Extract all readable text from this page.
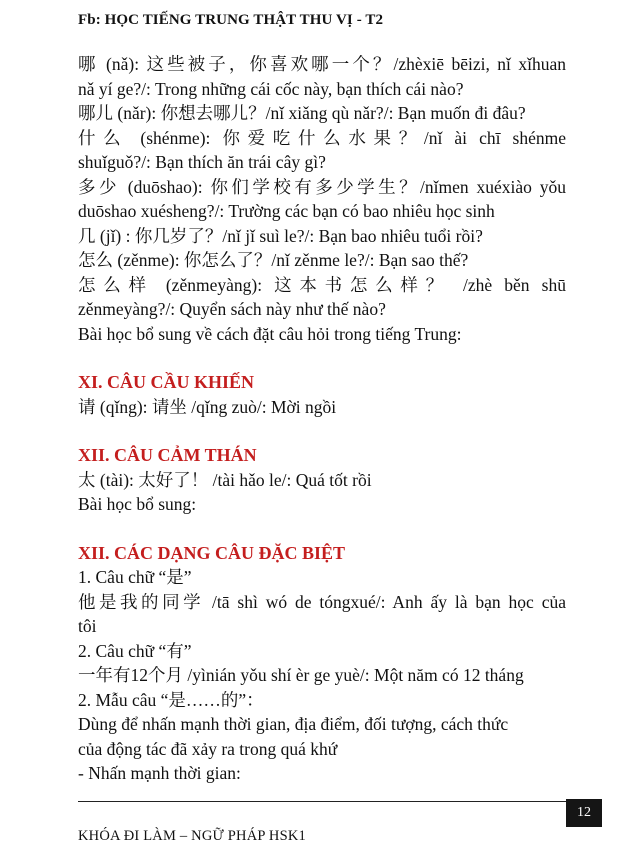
Fb: HỌC TIẾNG TRUNG THẬT THU VỊ - T2
哪 (nǎ): 这些被子，你喜欢哪一个？/zhèxiē bēizi, nǐ xǐhuan
nǎ yí ge?/: Trong những cái cốc này, bạn thích cái nào?
哪儿 (nǎr): 你想去哪儿？/nǐ xiǎng qù nǎr?/: Bạn muốn đi đâu?
什么 (shénme): 你爱吃什么水果？/nǐ ài chī shénme
shuǐguǒ?/: Bạn thích ăn trái cây gì?
多少 (duōshao): 你们学校有多少学生？/nǐmen xuéxiào yǒu
duōshao xuésheng?/: Trường các bạn có bao nhiêu học sinh
几 (jǐ) : 你几岁了？/nǐ jǐ suì le?/: Bạn bao nhiêu tuổi rồi?
怎么 (zěnme): 你怎么了？/nǐ zěnme le?/: Bạn sao thế?
怎么样 (zěnmeyàng): 这本书怎么样？ /zhè běn shū
zěnmeyàng?/: Quyển sách này như thế nào?
Bài học bổ sung về cách đặt câu hỏi trong tiếng Trung:
XI. CÂU CẦU KHIẾN
请 (qǐng): 请坐 /qǐng zuò/: Mời ngồi
XII. CÂU CẢM THÁN
太 (tài): 太好了！ /tài hǎo le/: Quá tốt rồi
Bài học bổ sung:
XII. CÁC DẠNG CÂU ĐẶC BIỆT
1. Câu chữ “是”
他是我的同学 /tā shì wó de tóngxué/: Anh ấy là bạn học của
tôi
2. Câu chữ “有”
一年有12个月 /yìnián yǒu shí èr ge yuè/: Một năm có 12 tháng
2. Mẫu câu “是……的”：
Dùng để nhấn mạnh thời gian, địa điểm, đối tượng, cách thức
của động tác đã xảy ra trong quá khứ
- Nhấn mạnh thời gian:
12
KHÓA ĐI LÀM – NGỮ PHÁP HSK1
